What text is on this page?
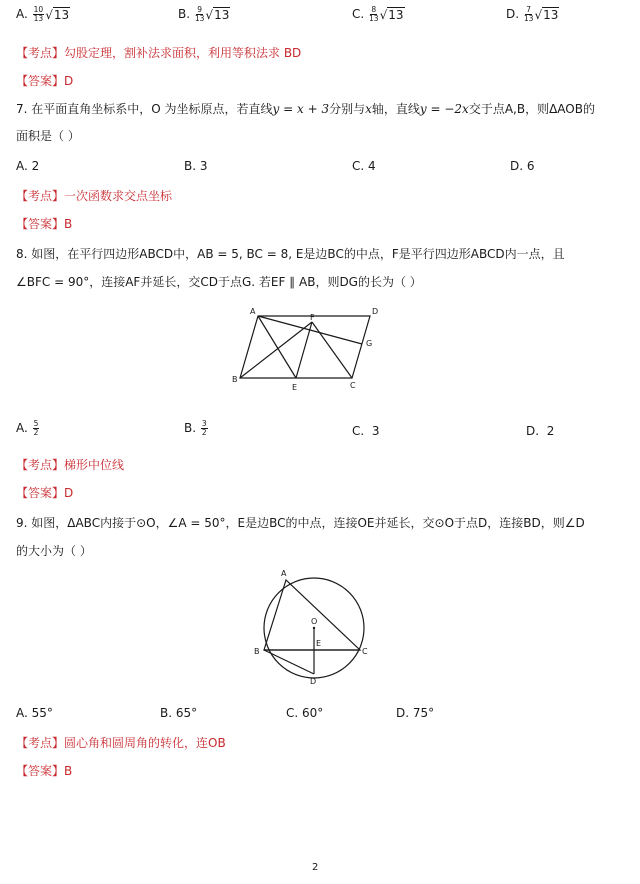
A. $\frac{10}{13} √13$	B. $\frac{9}{13} √13$	C. $\frac{8}{13} √13$	D. $\frac{7}{13} √13$
【考点】勾股定理，割补法求面积，利用等积法求 BD
【答案】D
7. 在平面直角坐标系中，O 为坐标原点，若直线y = x + 3分别与x轴，直线y = −2x交于点A,B，则ΔAOB的
面积是（ ）
A. 2	B. 3	C. 4	D. 6
【考点】一次函数求交点坐标
【答案】B
8. 如图，在平行四边形ABCD中，AB = 5, BC = 8, E是边BC的中点，F是平行四边形ABCD内一点，且
∠BFC = 90°，连接AF并延长，交CD于点G. 若EF ∥ AB，则DG的长为（ ）
A	D
F
G
B
E	C
A. $\frac{5}{2}$	B. $\frac{3}{2}$	C. 3	D. 2
【考点】梯形中位线
【答案】D
9. 如图，ΔABC内接于⊙O，∠A = 50°，E是边BC的中点，连接OE并延长，交⊙O于点D，连接BD，则∠D
的大小为（ ）
A
O
E
B	C
D
A. 55°	B. 65°	C. 60°	D. 75°
【考点】圆心角和圆周角的转化，连OB
【答案】B
2
